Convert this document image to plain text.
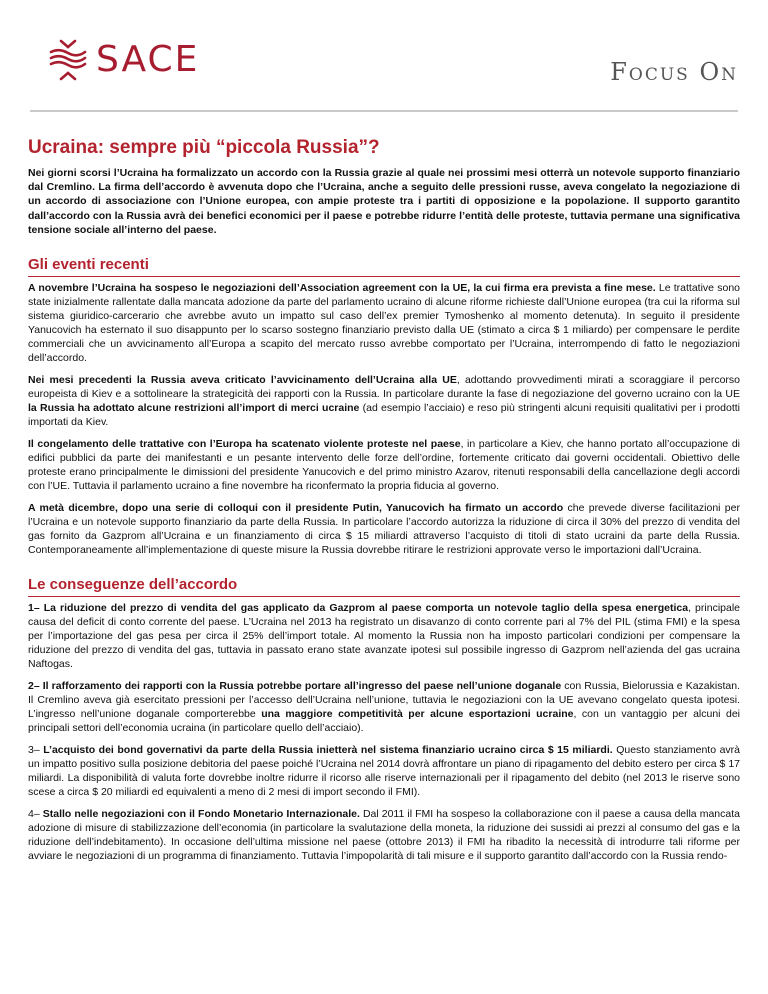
SACE	Focus On
Ucraina: sempre più “piccola Russia”?

Nei giorni scorsi l’Ucraina ha formalizzato un accordo con la Russia grazie al quale nei prossimi mesi otterrà un notevole supporto finanziario dal Cremlino. La firma dell’accordo è avvenuta dopo che l’Ucraina, anche a seguito delle pressioni russe, aveva congelato la negoziazione di un accordo di associazione con l’Unione europea, con ampie proteste tra i partiti di opposizione e la popolazione. Il supporto garantito dall’accordo con la Russia avrà dei benefici economici per il paese e potrebbe ridurre l’entità delle proteste, tuttavia permane una significativa tensione sociale all’interno del paese.

Gli eventi recenti

A novembre l’Ucraina ha sospeso le negoziazioni dell’Association agreement con la UE, la cui firma era prevista a fine mese. Le trattative sono state inizialmente rallentate dalla mancata adozione da parte del parlamento ucraino di alcune riforme richieste dall’Unione europea (tra cui la riforma sul sistema giuridico-carcerario che avrebbe avuto un impatto sul caso dell’ex premier Tymoshenko al momento detenuta). In seguito il presidente Yanucovich ha esternato il suo disappunto per lo scarso sostegno finanziario previsto dalla UE (stimato a circa $ 1 miliardo) per compensare le perdite commerciali che un avvicinamento all’Europa a scapito del mercato russo avrebbe comportato per l’Ucraina, interrompendo di fatto le negoziazioni dell’accordo.

Nei mesi precedenti la Russia aveva criticato l’avvicinamento dell’Ucraina alla UE, adottando provvedimenti mirati a scoraggiare il percorso europeista di Kiev e a sottolineare la strategicità dei rapporti con la Russia. In particolare durante la fase di negoziazione del governo ucraino con la UE la Russia ha adottato alcune restrizioni all’import di merci ucraine (ad esempio l’acciaio) e reso più stringenti alcuni requisiti qualitativi per i prodotti importati da Kiev.

Il congelamento delle trattative con l’Europa ha scatenato violente proteste nel paese, in particolare a Kiev, che hanno portato all’occupazione di edifici pubblici da parte dei manifestanti e un pesante intervento delle forze dell’ordine, fortemente criticato dai governi occidentali. Obiettivo delle proteste erano principalmente le dimissioni del presidente Yanucovich e del primo ministro Azarov, ritenuti responsabili della cancellazione degli accordi con l’UE. Tuttavia il parlamento ucraino a fine novembre ha riconfermato la propria fiducia al governo.

A metà dicembre, dopo una serie di colloqui con il presidente Putin, Yanucovich ha firmato un accordo che prevede diverse facilitazioni per l’Ucraina e un notevole supporto finanziario da parte della Russia. In particolare l’accordo autorizza la riduzione di circa il 30% del prezzo di vendita del gas fornito da Gazprom all’Ucraina e un finanziamento di circa $ 15 miliardi attraverso l’acquisto di titoli di stato ucraini da parte della Russia. Contemporaneamente all’implementazione di queste misure la Russia dovrebbe ritirare le restrizioni approvate verso le importazioni dall’Ucraina.

Le conseguenze dell’accordo

1– La riduzione del prezzo di vendita del gas applicato da Gazprom al paese comporta un notevole taglio della spesa energetica, principale causa del deficit di conto corrente del paese. L’Ucraina nel 2013 ha registrato un disavanzo di conto corrente pari al 7% del PIL (stima FMI) e la spesa per l’importazione del gas pesa per circa il 25% dell’import totale. Al momento la Russia non ha imposto particolari condizioni per compensare la riduzione del prezzo di vendita del gas, tuttavia in passato erano state avanzate ipotesi sul possibile ingresso di Gazprom nell’azienda del gas ucraina Naftogas.

2– Il rafforzamento dei rapporti con la Russia potrebbe portare all’ingresso del paese nell’unione doganale con Russia, Bielorussia e Kazakistan. Il Cremlino aveva già esercitato pressioni per l’accesso dell’Ucraina nell’unione, tuttavia le negoziazioni con la UE avevano congelato questa ipotesi. L’ingresso nell’unione doganale comporterebbe una maggiore competitività per alcune esportazioni ucraine, con un vantaggio per alcuni dei principali settori dell’economia ucraina (in particolare quello dell’acciaio).

3– L’acquisto dei bond governativi da parte della Russia inietterà nel sistema finanziario ucraino circa $ 15 miliardi. Questo stanziamento avrà un impatto positivo sulla posizione debitoria del paese poiché l’Ucraina nel 2014 dovrà affrontare un piano di ripagamento del debito estero per circa $ 17 miliardi. La disponibilità di valuta forte dovrebbe inoltre ridurre il ricorso alle riserve internazionali per il ripagamento del debito (nel 2013 le riserve sono scese a circa $ 20 miliardi ed equivalenti a meno di 2 mesi di import secondo il FMI).

4– Stallo nelle negoziazioni con il Fondo Monetario Internazionale. Dal 2011 il FMI ha sospeso la collaborazione con il paese a causa della mancata adozione di misure di stabilizzazione dell’economia (in particolare la svalutazione della moneta, la riduzione dei sussidi ai prezzi al consumo del gas e la riduzione dell’indebitamento). In occasione dell’ultima missione nel paese (ottobre 2013) il FMI ha ribadito la necessità di introdurre tali riforme per avviare le negoziazioni di un programma di finanziamento. Tuttavia l’impopolarità di tali misure e il supporto garantito dall’accordo con la Russia rendo-
